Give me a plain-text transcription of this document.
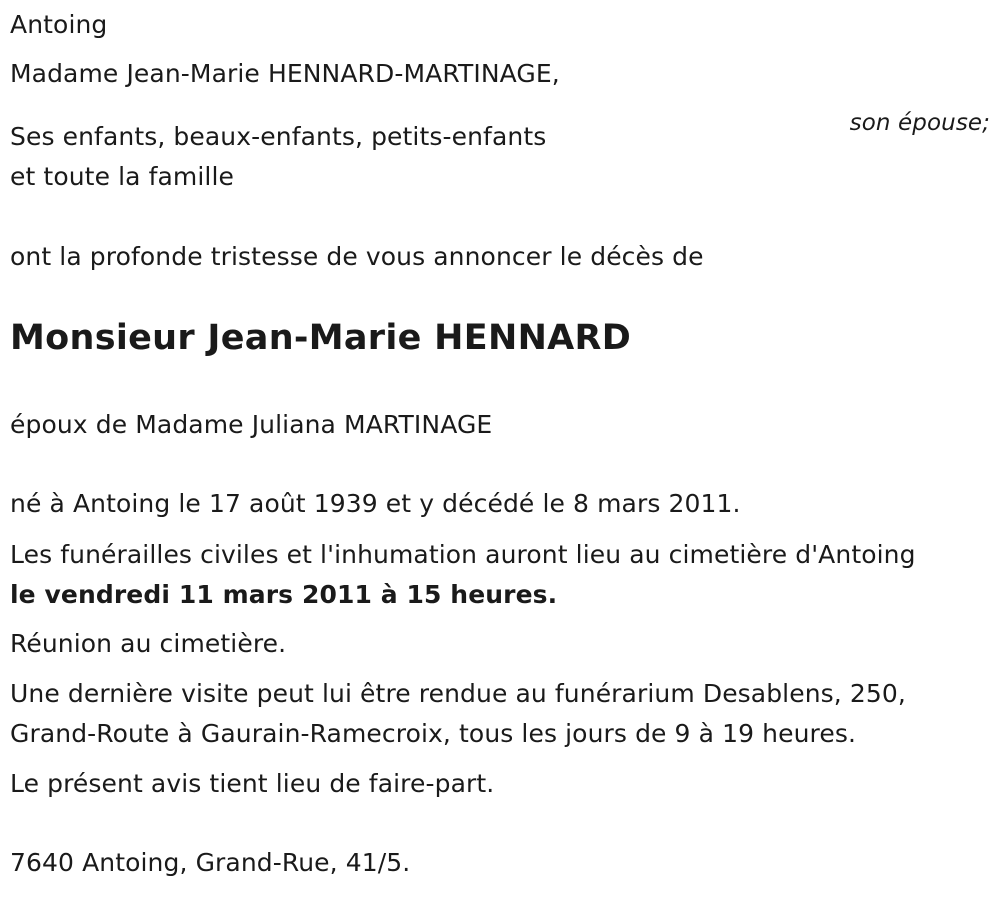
Antoing

Madame Jean-Marie HENNARD-MARTINAGE,

son épouse;

Ses enfants, beaux-enfants, petits-enfants

et toute la famille

ont la profonde tristesse de vous annoncer le décès de

Monsieur Jean-Marie HENNARD

époux de Madame Juliana MARTINAGE

né à Antoing le 17 août 1939 et y décédé le 8 mars 2011.

Les funérailles civiles et l'inhumation auront lieu au cimetière d'Antoing

le vendredi 11 mars 2011 à 15 heures.

Réunion au cimetière.

Une dernière visite peut lui être rendue au funérarium Desablens, 250,

Grand-Route à Gaurain-Ramecroix, tous les jours de 9 à 19 heures.

Le présent avis tient lieu de faire-part.

7640 Antoing, Grand-Rue, 41/5.
